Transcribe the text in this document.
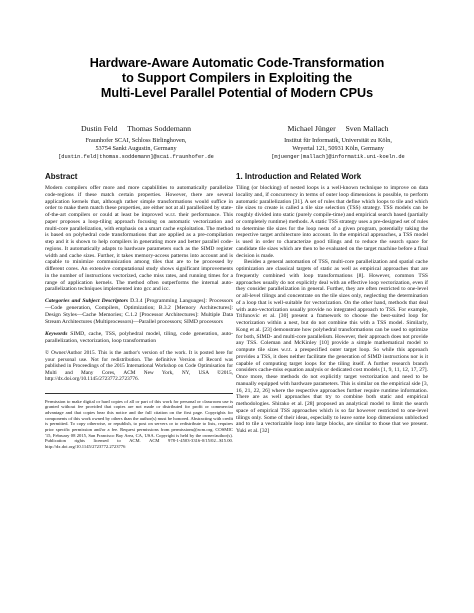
Hardware-Aware Automatic Code-Transformation
to Support Compilers in Exploiting the
Multi-Level Parallel Potential of Modern CPUs
Dustin Feld     Thomas Soddemann
Fraunhofer SCAI, Schloss Birlinghoven,
53754 Sankt Augustin, Germany
[dustin.feld|thomas.soddemann]@scai.fraunhofer.de
Michael Jünger     Sven Mallach
Institut für Informatik, Universität zu Köln,
Weyertal 121, 50931 Köln, Germany
[mjuenger|mallach]@informatik.uni-koeln.de
Abstract

Modern compilers offer more and more capabilities to automatically parallelize code-regions if these match certain properties. However, there are several application kernels that, although rather simple transformations would suffice in order to make them match these properties, are either not at all parallelized by state-of-the-art compilers or could at least be improved w.r.t. their performance. This paper proposes a loop-tiling approach focusing on automatic vectorization and multi-core parallelization, with emphasis on a smart cache exploitation. The method is based on polyhedral code transformations that are applied as a pre-compilation step and it is shown to help compilers in generating more and better parallel code-regions. It automatically adapts to hardware parameters such as the SIMD register width and cache sizes. Further, it takes memory-access patterns into account and is capable to minimize communication among tiles that are to be processed by different cores. An extensive computational study shows significant improvements in the number of instructions vectorized, cache miss rates, and running times for a range of application kernels. The method often outperforms the internal auto-parallelization techniques implemented into gcc and icc.

Categories and Subject Descriptors D.3.4 [Programming Languages]: Processors—Code generation, Compilers, Optimization; B.3.2 [Memory Architectures]: Design Styles—Cache Memories; C.1.2 [Processor Architectures]: Multiple Data Stream Architectures (Multiprocessors)—Parallel processors; SIMD processors

Keywords SIMD, cache, TSS, polyhedral model, tiling, code generation, auto-parallelization, vectorization, loop transformation

© Owner/Author 2015. This is the author's version of the work. It is posted here for your personal use. Not for redistribution. The definitive Version of Record was published in Proceedings of the 2015 International Workshop on Code Optimisation for Multi and Many Cores, ACM New York, NY, USA ©2015, http://dx.doi.org/10.1145/2723772.2723776.

Permission to make digital or hard copies of all or part of this work for personal or classroom use is granted without fee provided that copies are not made or distributed for profit or commercial advantage and that copies bear this notice and the full citation on the first page. Copyrights for components of this work owned by others than the author(s) must be honored. Abstracting with credit is permitted. To copy otherwise, or republish, to post on servers or to redistribute to lists, requires prior specific permission and/or a fee. Request permissions from permissions@acm.org. COSMIC '15, February 08 2015, San Francisco Bay Area, CA, USA. Copyright is held by the owner/author(s). Publication rights licensed to ACM. ACM 978-1-4503-3316-0/15/02...$15.00. http://dx.doi.org/10.1145/2723772.2723776

1. Introduction and Related Work

Tiling (or blocking) of nested loops is a well-known technique to improve on data locality and, if concurrency in terms of outer loop dimensions is possible, to perform automatic parallelization [31]. A set of rules that define which loops to tile and which tile sizes to create is called a tile size selection (TSS) strategy. TSS models can be roughly divided into static (purely compile-time) and empirical search based (partially or completely runtime) methods. A static TSS strategy uses a pre-designed set of rules to determine tile sizes for the loop nests of a given program, potentially taking the respective target architecture into account. In the empirical approaches, a TSS model is used in order to characterize good tilings and to reduce the search space for candidate tile sizes which are then to be evaluated on the target machine before a final decision is made.

Besides a general automation of TSS, multi-core parallelization and spatial cache optimization are classical targets of static as well as empirical approaches that are frequently combined with loop transformations [8]. However, common TSS approaches usually do not explicitly deal with an effective loop vectorization, even if they consider parallelization in general. Further, they are often restricted to one-level or all-level tilings and concentrate on the tile sizes only, neglecting the determination of a loop that is well-suitable for vectorization. On the other hand, methods that deal with auto-vectorization usually provide no integrated approach to TSS. For example, Trifunovic et al. [30] present a framework to choose the best-suited loop for vectorization within a nest, but do not combine this with a TSS model. Similarly, Kong et al. [23] demonstrate how polyhedral transformations can be used to optimize for both, SIMD- and multi-core parallelism. However, their approach does not provide any TSS. Coleman and McKinley [10] provide a simple mathematical model to compute tile sizes w.r.t. a prespecified outer target loop. So while this approach provides a TSS, it does neither facilitate the generation of SIMD instructions nor is it capable of computing target loops for the tiling itself. A further research branch considers cache-miss equation analysis or dedicated cost models [1, 9, 11, 12, 17, 27]. Once more, these methods do not explicitly target vectorization and need to be manually equipped with hardware parameters. This is similar on the empirical side [3, 16, 21, 22, 26] where the respective approaches further require runtime information. There are as well approaches that try to combine both static and empirical methodologies. Shirako et al. [28] proposed an analytical model to limit the search space of empirical TSS approaches which is so far however restricted to one-level tilings only. Some of their ideas, especially to leave some loop dimensions unblocked and to tile a vectorizable loop into large blocks, are similar to those that we present. Yuki et al. [32]
